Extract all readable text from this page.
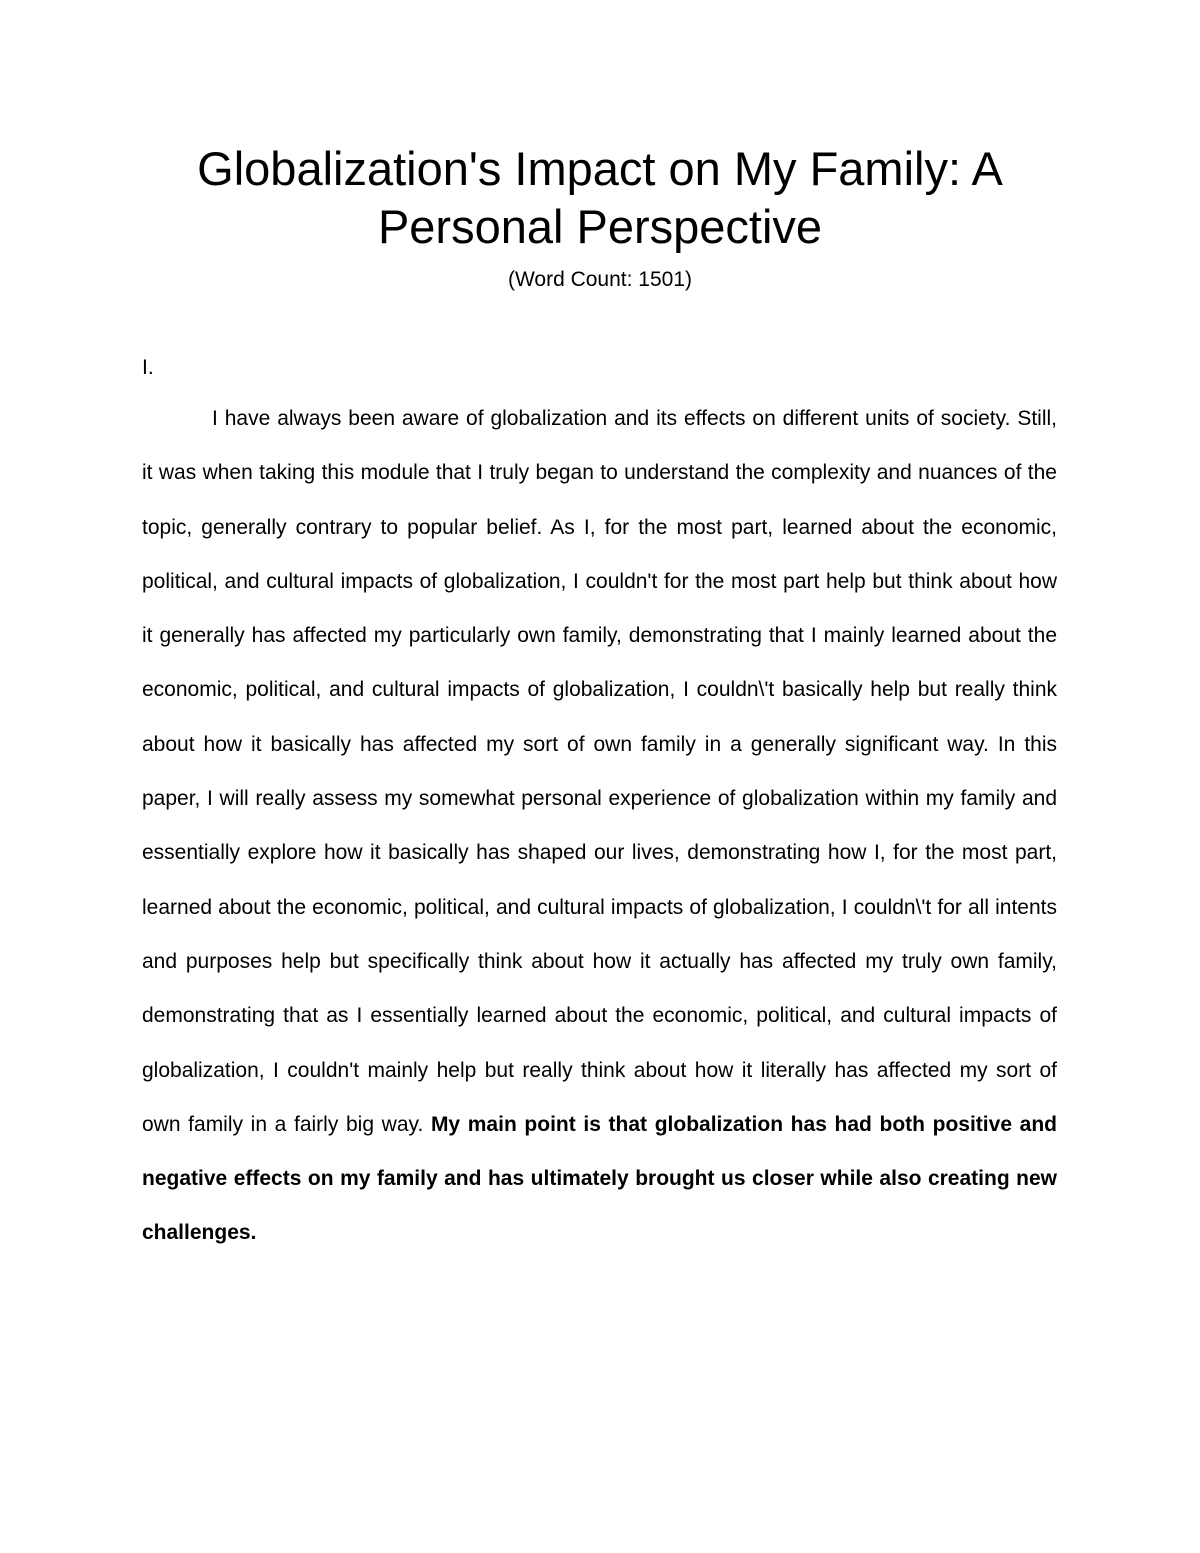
Globalization's Impact on My Family: A Personal Perspective

(Word Count: 1501)

I.

I have always been aware of globalization and its effects on different units of society. Still, it was when taking this module that I truly began to understand the complexity and nuances of the topic, generally contrary to popular belief. As I, for the most part, learned about the economic, political, and cultural impacts of globalization, I couldn't for the most part help but think about how it generally has affected my particularly own family, demonstrating that I mainly learned about the economic, political, and cultural impacts of globalization, I couldn\'t basically help but really think about how it basically has affected my sort of own family in a generally significant way. In this paper, I will really assess my somewhat personal experience of globalization within my family and essentially explore how it basically has shaped our lives, demonstrating how I, for the most part, learned about the economic, political, and cultural impacts of globalization, I couldn\'t for all intents and purposes help but specifically think about how it actually has affected my truly own family, demonstrating that as I essentially learned about the economic, political, and cultural impacts of globalization, I couldn't mainly help but really think about how it literally has affected my sort of own family in a fairly big way. My main point is that globalization has had both positive and negative effects on my family and has ultimately brought us closer while also creating new challenges.
